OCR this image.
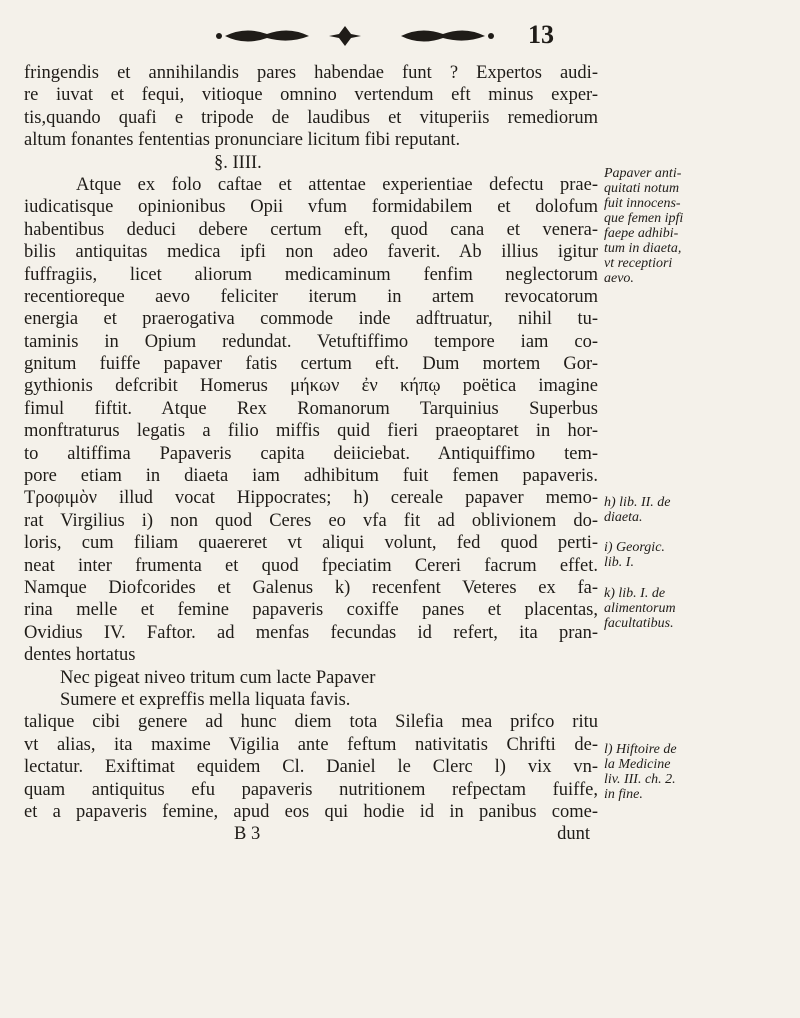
13
fringendis et annihilandis pares habendae funt ? Expertos audi-
re iuvat et fequi, vitioque omnino vertendum eft minus exper-
tis,quando quafi e tripode de laudibus et vituperiis remediorum
altum fonantes fententias pronunciare licitum fibi reputant.
§. IIII.
Atque ex folo caftae et attentae experientiae defectu prae-
iudicatisque opinionibus Opii vfum formidabilem et dolofum
habentibus deduci debere certum eft, quod cana et venera-
bilis antiquitas medica ipfi non adeo faverit. Ab illius igitur
fuffragiis, licet aliorum medicaminum fenfim neglectorum
recentioreque aevo feliciter iterum in artem revocatorum
energia et praerogativa commode inde adftruatur, nihil tu-
taminis in Opium redundat. Vetuftiffimo tempore iam co-
gnitum fuiffe papaver fatis certum eft. Dum mortem Gor-
gythionis defcribit Homerus μήκων ἐν κήπῳ poëtica imagine
fimul fiftit. Atque Rex Romanorum Tarquinius Superbus
monftraturus legatis a filio miffis quid fieri praeoptaret in hor-
to altiffima Papaveris capita deiiciebat. Antiquiffimo tem-
pore etiam in diaeta iam adhibitum fuit femen papaveris.
Τροφιμὸν illud vocat Hippocrates; h) cereale papaver memo-
rat Virgilius i) non quod Ceres eo vfa fit ad oblivionem do-
loris, cum filiam quaereret vt aliqui volunt, fed quod perti-
neat inter frumenta et quod fpeciatim Cereri facrum effet.
Namque Diofcorides et Galenus k) recenfent Veteres ex fa-
rina melle et femine papaveris coxiffe panes et placentas,
Ovidius IV. Faftor. ad menfas fecundas id refert, ita pran-
dentes hortatus
Nec pigeat niveo tritum cum lacte Papaver
Sumere et expreffis mella liquata favis.
talique cibi genere ad hunc diem tota Silefia mea prifco ritu
vt alias, ita maxime Vigilia ante feftum nativitatis Chrifti de-
lectatur. Exiftimat equidem Cl. Daniel le Clerc l) vix vn-
quam antiquitus efu papaveris nutritionem refpectam fuiffe,
et a papaveris femine, apud eos qui hodie id in panibus come-
B 3	dunt
Papaver anti-
quitati notum
fuit innocens-
que femen ipfi
faepe adhibi-
tum in diaeta,
vt receptiori
aevo.
h) lib. II. de
diaeta.
i) Georgic.
lib. I.
k) lib. I. de
alimentorum
facultatibus.
l) Hiftoire de
la Medicine
liv. III. ch. 2.
in fine.
